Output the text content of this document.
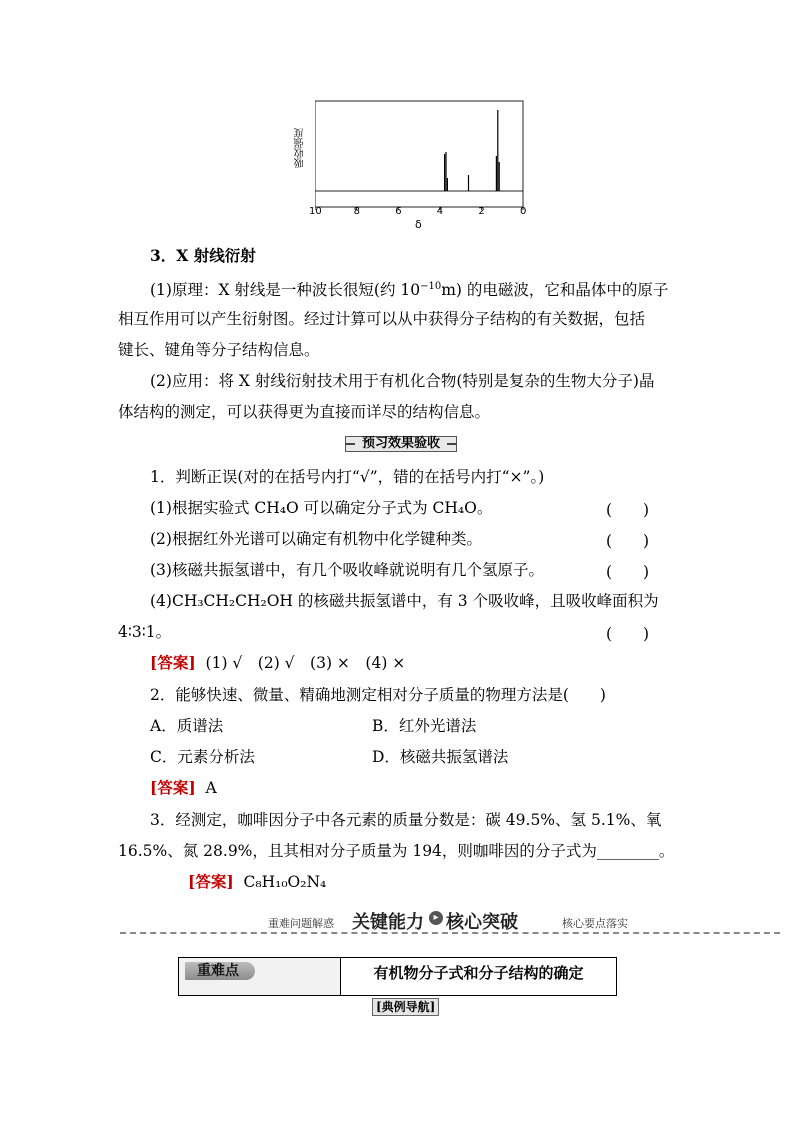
吸收强度
10	8	6	4	2	0
δ
3．X 射线衍射
(1)原理：X 射线是一种波长很短(约 $10^{-10}m$) 的电磁波，它和晶体中的原子
相互作用可以产生衍射图。经过计算可以从中获得分子结构的有关数据，包括
键长、键角等分子结构信息。
(2)应用：将 X 射线衍射技术用于有机化合物(特别是复杂的生物大分子)晶
体结构的测定，可以获得更为直接而详尽的结构信息。
预习效果验收
1．判断正误(对的在括号内打“√”，错的在括号内打“×”。)
(1)根据实验式 CH₄O 可以确定分子式为 CH₄O。	(　　)
(2)根据红外光谱可以确定有机物中化学键种类。	(　　)
(3)核磁共振氢谱中，有几个吸收峰就说明有几个氢原子。	(　　)
(4)CH₃CH₂CH₂OH 的核磁共振氢谱中，有 3 个吸收峰，且吸收峰面积为
4∶3∶1。	(　　)
[答案] (1) √　(2) √　(3) ×　(4) ×
2．能够快速、微量、精确地测定相对分子质量的物理方法是(　　)
A．质谱法	B．红外光谱法
C．元素分析法	D．核磁共振氢谱法
[答案] A
3．经测定，咖啡因分子中各元素的质量分数是：碳 49.5%、氢 5.1%、氧
16.5%、氮 28.9%，且其相对分子质量为 194，则咖啡因的分子式为________。
[答案] C₈H₁₀O₂N₄
重难问题解惑 关键能力 ▸ 核心突破	核心要点落实
重难点	有机物分子式和分子结构的确定
[典例导航]
